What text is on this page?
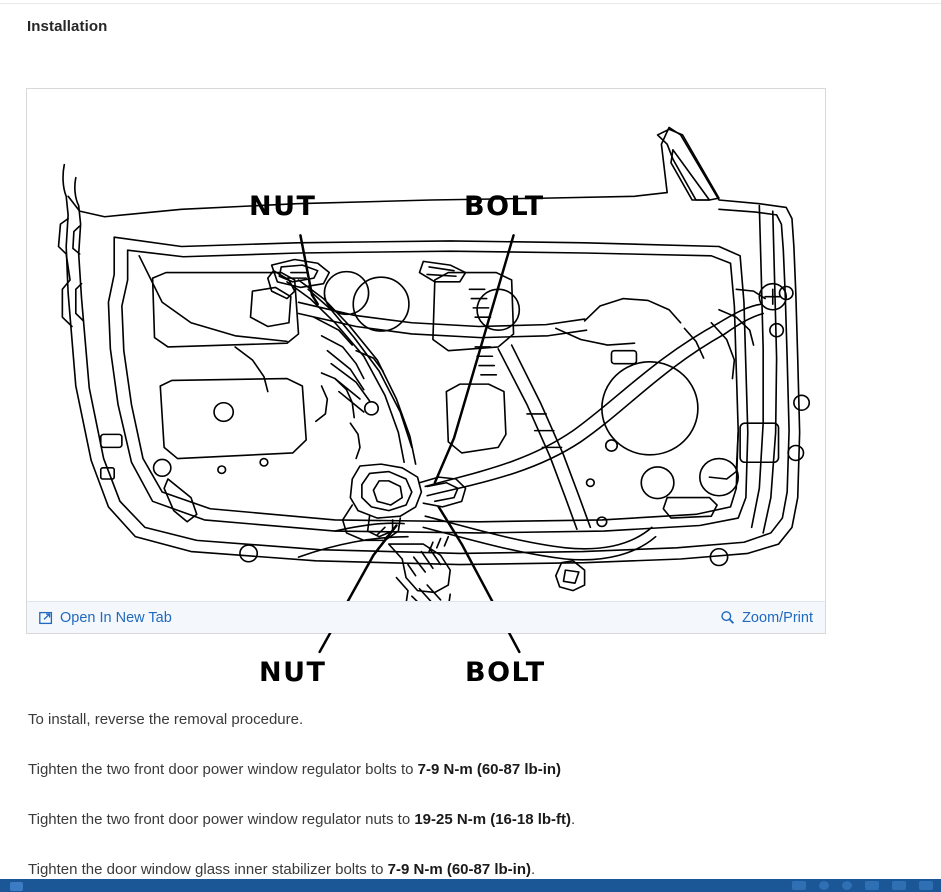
Installation
NUT	BOLT
NUT	BOLT
Open In New Tab	Zoom/Print
To install, reverse the removal procedure.
Tighten the two front door power window regulator bolts to 7-9 N-m (60-87 lb-in)
Tighten the two front door power window regulator nuts to 19-25 N-m (16-18 lb-ft).
Tighten the door window glass inner stabilizer bolts to 7-9 N-m (60-87 lb-in).
